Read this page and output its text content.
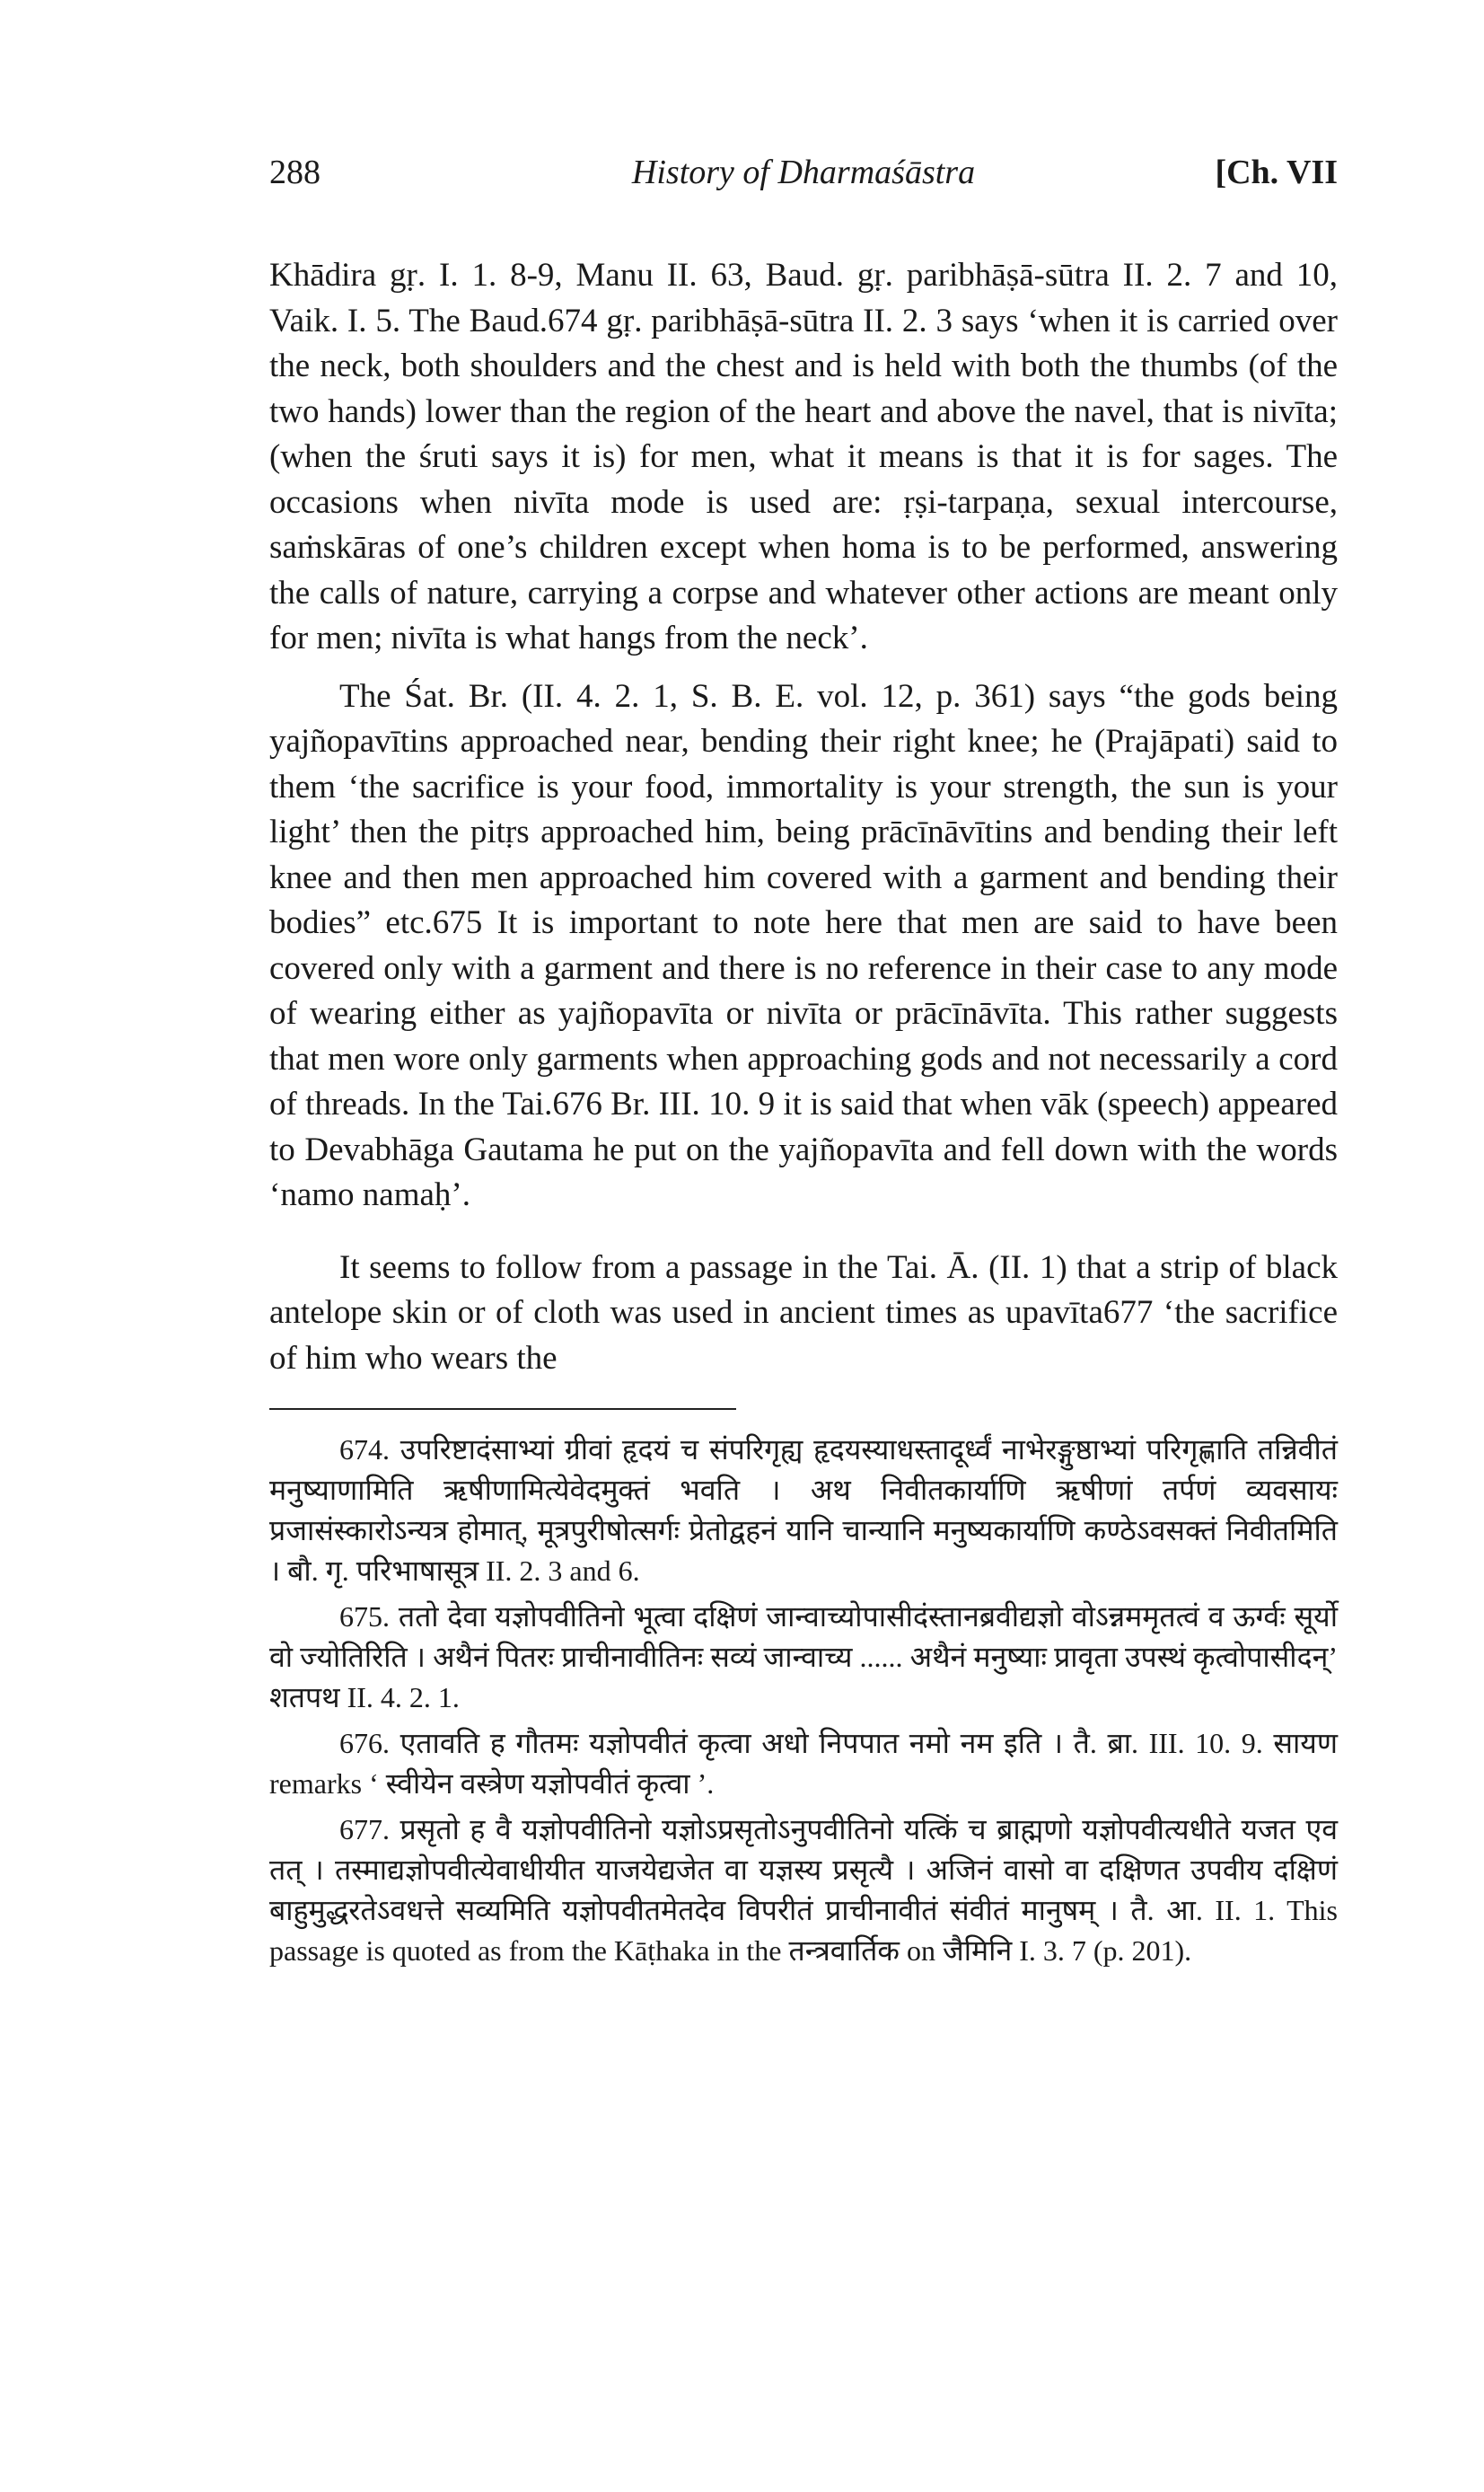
288	History of Dharmaśāstra	[Ch. VII

Khādira gṛ. I. 1. 8-9, Manu II. 63, Baud. gṛ. paribhāṣā-sūtra II. 2. 7 and 10, Vaik. I. 5. The Baud.674 gṛ. paribhāṣā-sūtra II. 2. 3 says ‘when it is carried over the neck, both shoulders and the chest and is held with both the thumbs (of the two hands) lower than the region of the heart and above the navel, that is nivīta; (when the śruti says it is) for men, what it means is that it is for sages. The occasions when nivīta mode is used are: ṛṣi-tarpaṇa, sexual intercourse, saṁskāras of one’s children except when homa is to be performed, answering the calls of nature, carrying a corpse and whatever other actions are meant only for men; nivīta is what hangs from the neck’.

The Śat. Br. (II. 4. 2. 1, S. B. E. vol. 12, p. 361) says “the gods being yajñopavītins approached near, bending their right knee; he (Prajāpati) said to them ‘the sacrifice is your food, immortality is your strength, the sun is your light’ then the pitṛs approached him, being prācīnāvītins and bending their left knee and then men approached him covered with a garment and bending their bodies” etc.675 It is important to note here that men are said to have been covered only with a garment and there is no reference in their case to any mode of wearing either as yajñopavīta or nivīta or prācīnāvīta. This rather suggests that men wore only garments when approaching gods and not necessarily a cord of threads. In the Tai.676 Br. III. 10. 9 it is said that when vāk (speech) appeared to Devabhāga Gautama he put on the yajñopavīta and fell down with the words ‘namo namaḥ’.

It seems to follow from a passage in the Tai. Ā. (II. 1) that a strip of black antelope skin or of cloth was used in ancient times as upavīta677 ‘the sacrifice of him who wears the

674. उपरिष्टादंसाभ्यां ग्रीवां हृदयं च संपरिगृह्य हृदयस्याधस्तादूर्ध्वं नाभेरङ्गुष्ठाभ्यां परिगृह्णाति तन्निवीतं मनुष्याणामिति ऋषीणामित्येवेदमुक्तं भवति । अथ निवीतकार्याणि ऋषीणां तर्पणं व्यवसायः प्रजासंस्कारोऽन्यत्र होमात्, मूत्रपुरीषोत्सर्गः प्रेतोद्वहनं यानि चान्यानि मनुष्यकार्याणि कण्ठेऽवसक्तं निवीतमिति । बौ. गृ. परिभाषासूत्र II. 2. 3 and 6.

675. ततो देवा यज्ञोपवीतिनो भूत्वा दक्षिणं जान्वाच्योपासीदंस्तानब्रवीद्यज्ञो वोऽन्नममृतत्वं व ऊर्ग्वः सूर्यो वो ज्योतिरिति । अथैनं पितरः प्राचीनावीतिनः सव्यं जान्वाच्य ...... अथैनं मनुष्याः प्रावृता उपस्थं कृत्वोपासीदन्’ शतपथ II. 4. 2. 1.

676. एतावति ह गौतमः यज्ञोपवीतं कृत्वा अधो निपपात नमो नम इति । तै. ब्रा. III. 10. 9. सायण remarks ‘ स्वीयेन वस्त्रेण यज्ञोपवीतं कृत्वा ’.

677. प्रसृतो ह वै यज्ञोपवीतिनो यज्ञोऽप्रसृतोऽनुपवीतिनो यत्किं च ब्राह्मणो यज्ञोपवीत्यधीते यजत एव तत् । तस्माद्यज्ञोपवीत्येवाधीयीत याजयेद्यजेत वा यज्ञस्य प्रसृत्यै । अजिनं वासो वा दक्षिणत उपवीय दक्षिणं बाहुमुद्धरतेऽवधत्ते सव्यमिति यज्ञोपवीतमेतदेव विपरीतं प्राचीनावीतं संवीतं मानुषम् । तै. आ. II. 1. This passage is quoted as from the Kāṭhaka in the तन्त्रवार्तिक on जैमिनि I. 3. 7 (p. 201).
